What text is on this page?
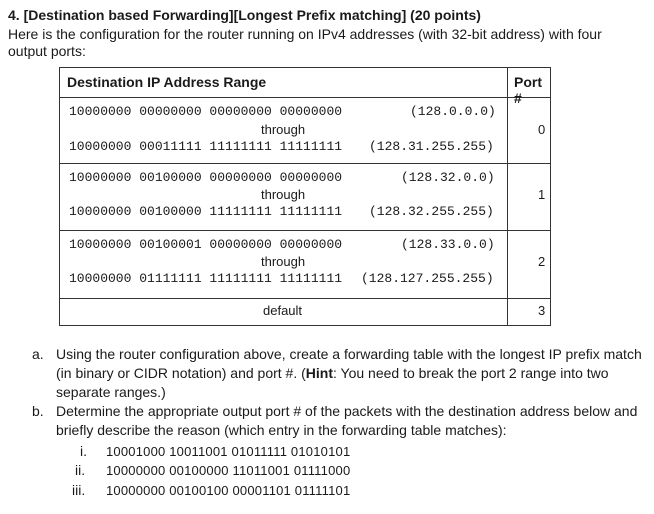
4. [Destination based Forwarding][Longest Prefix matching] (20 points)
Here is the configuration for the router running on IPv4 addresses (with 32-bit address) with four output ports:
Destination IP Address Range	Port #
10000000 00000000 00000000 00000000	(128.0.0.0)
through
10000000 00011111 11111111 11111111 (128.31.255.255)
0
10000000 00100000 00000000 00000000	(128.32.0.0)
through
10000000 00100000 11111111 11111111 (128.32.255.255)
1
10000000 00100001 00000000 00000000	(128.33.0.0)
through
10000000 01111111 11111111 11111111 (128.127.255.255)
2
default	3
a. Using the router configuration above, create a forwarding table with the longest IP prefix match (in binary or CIDR notation) and port #. (Hint: You need to break the port 2 range into two separate ranges.)
b. Determine the appropriate output port # of the packets with the destination address below and briefly describe the reason (which entry in the forwarding table matches):
i. 10001000 10011001 01011111 01010101
ii. 10000000 00100000 11011001 01111000
iii. 10000000 00100100 00001101 01111101
